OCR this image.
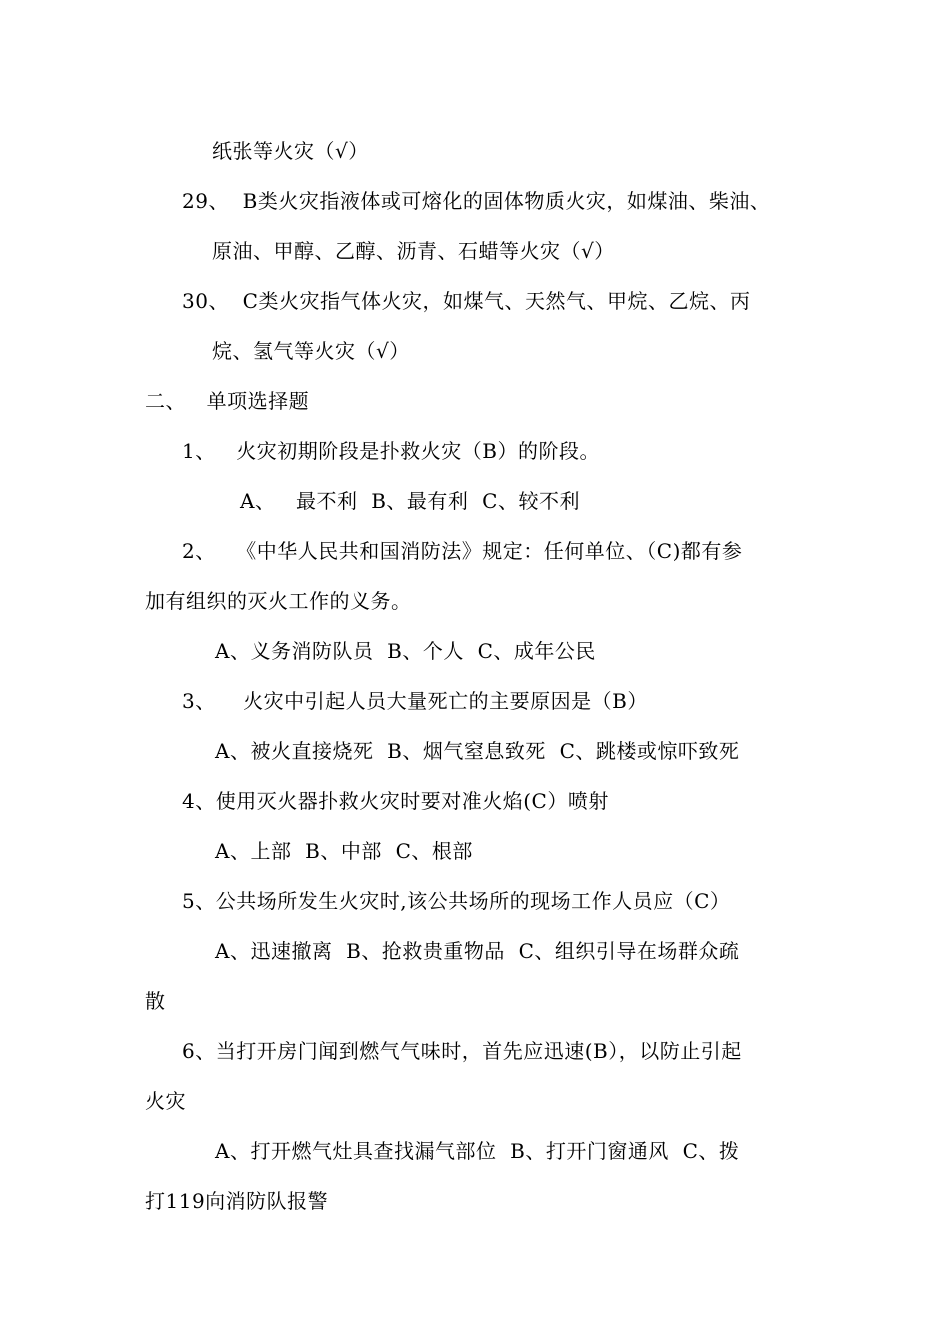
纸张等火灾（√）
29、  B类火灾指液体或可熔化的固体物质火灾，如煤油、柴油、
原油、甲醇、乙醇、沥青、石蜡等火灾（√）
30、  C类火灾指气体火灾，如煤气、天然气、甲烷、乙烷、丙
烷、氢气等火灾（√）
二、   单项选择题
1、   火灾初期阶段是扑救火灾（B）的阶段。
A、   最不利  B、最有利  C、较不利
2、   《中华人民共和国消防法》规定：任何单位、（C)都有参
加有组织的灭火工作的义务。
A、义务消防队员  B、个人  C、成年公民
3、    火灾中引起人员大量死亡的主要原因是（B）
A、被火直接烧死  B、烟气窒息致死  C、跳楼或惊吓致死
4、使用灭火器扑救火灾时要对准火焰(C）喷射
A、上部  B、中部  C、根部
5、公共场所发生火灾时,该公共场所的现场工作人员应（C）
A、迅速撤离  B、抢救贵重物品  C、组织引导在场群众疏
散
6、当打开房门闻到燃气气味时，首先应迅速(B），以防止引起
火灾
A、打开燃气灶具查找漏气部位  B、打开门窗通风  C、拨
打119向消防队报警
